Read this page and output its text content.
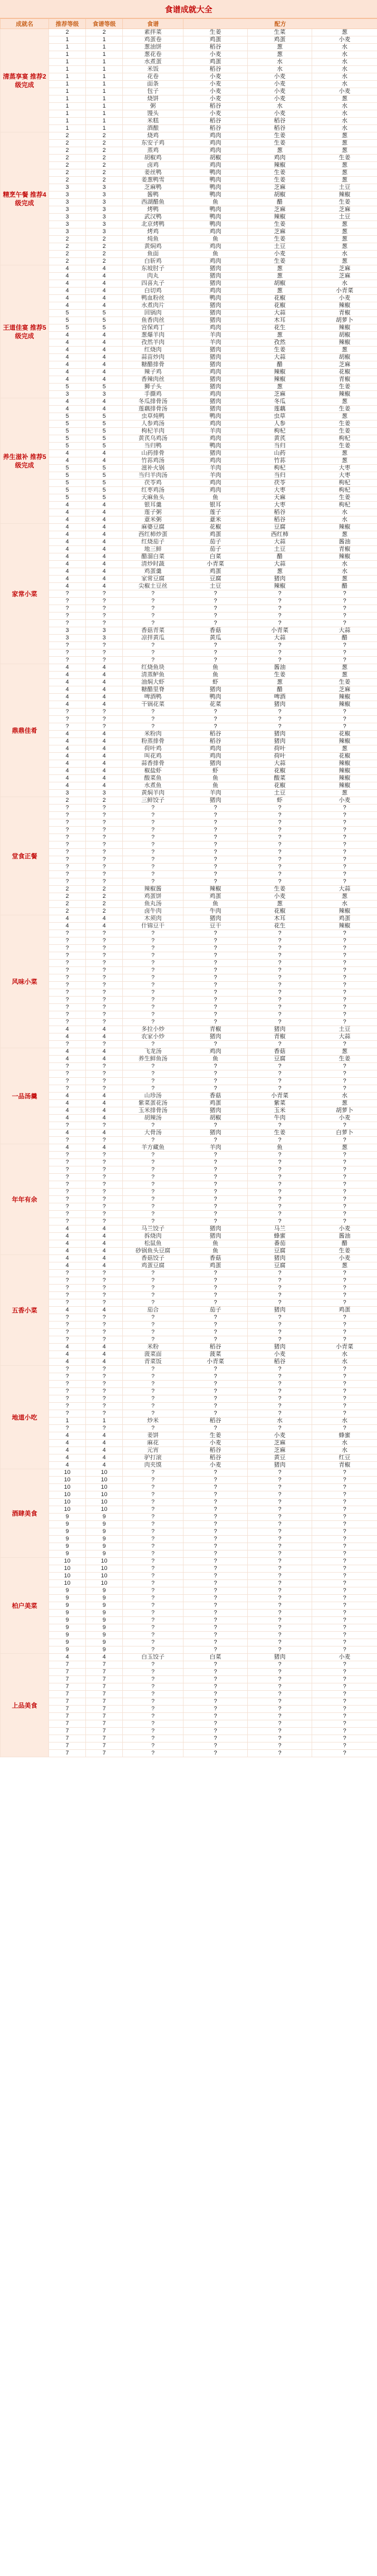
食谱成就大全
成就名	推荐等级	食谱等级	食谱	配方		
清蒸享宴 推荐2级完成	2	2	素拌菜	生姜	生菜	葱
	1	1	鸡蛋卷	鸡蛋	鸡蛋	小麦
	1	1	葱油饼	稻谷	葱	水
	1	1	葱花卷	小麦	葱	水
	1	1	水煮蛋	鸡蛋	水	水
	1	1	米饭	稻谷	水	水
	1	1	花卷	小麦	小麦	水
	1	1	面条	小麦	小麦	水
	1	1	包子	小麦	小麦	小麦
	1	1	烧饼	小麦	小麦	葱
	1	1	粥	稻谷	水	水
	1	1	馒头	小麦	小麦	水
	1	1	米糕	稻谷	稻谷	水
	1	1	酒酿	稻谷	稻谷	水
精烹午餐 推荐4级完成	2	2	烧鸡	鸡肉	生姜	葱
	2	2	东安子鸡	鸡肉	生姜	葱
	2	2	蒸鸡	鸡肉	葱	葱
	2	2	胡椒鸡	胡椒	鸡肉	生姜
	2	2	卤鸡	鸡肉	辣椒	葱
	2	2	姜丝鸭	鸭肉	生姜	葱
	2	2	姜葱鸭雪	鸭肉	生姜	葱
	3	3	芝麻鸭	鸭肉	芝麻	土豆
	3	3	酱鸭	鸭肉	胡椒	辣椒
	3	3	西湖醋鱼	鱼	醋	生姜
	3	3	烤鸭	鸭肉	芝麻	芝麻
	3	3	武汉鸭	鸭肉	辣椒	土豆
	3	3	北京烤鸭	鸭肉	生姜	葱
	3	3	烤鸡	鸡肉	芝麻	葱
	2	2	炖鱼	鱼	生姜	葱
	2	2	黄焖鸡	鸡肉	土豆	葱
	2	2	鱼面	鱼	小麦	水
	2	2	白斩鸡	鸡肉	生姜	葱
王道佳宴 推荐5级完成	4	4	东坡肘子	猪肉	葱	芝麻
	4	4	肉丸	猪肉	葱	芝麻
	4	4	四喜丸子	猪肉	胡椒	水
	4	4	白切鸡	鸡肉	葱	小青菜
	4	4	鸭血粉丝	鸭肉	花椒	小麦
	4	4	水煮肉片	猪肉	花椒	辣椒
	5	5	回锅肉	猪肉	大蒜	青椒
	5	5	鱼香肉丝	猪肉	木耳	胡萝卜
	5	5	宫保鸡丁	鸡肉	花生	辣椒
	4	4	葱爆羊肉	羊肉	葱	胡椒
	4	4	孜然羊肉	羊肉	孜然	辣椒
	4	4	红烧肉	猪肉	生姜	葱
	4	4	蒜苗炒肉	猪肉	大蒜	胡椒
	4	4	糖醋排骨	猪肉	醋	芝麻
	4	4	辣子鸡	鸡肉	辣椒	花椒
	4	4	香辣肉丝	猪肉	辣椒	青椒
	5	5	狮子头	猪肉	葱	生姜
	3	3	手撕鸡	鸡肉	芝麻	辣椒
养生滋补 推荐5级完成	4	4	冬瓜排骨汤	猪肉	冬瓜	葱
	4	4	莲藕排骨汤	猪肉	莲藕	生姜
	5	5	虫草炖鸭	鸭肉	虫草	葱
	5	5	人参鸡汤	鸡肉	人参	生姜
	5	5	枸杞羊肉	羊肉	枸杞	生姜
	5	5	黄芪乌鸡汤	鸡肉	黄芪	枸杞
	5	5	当归鸭	鸭肉	当归	生姜
	4	4	山药排骨	猪肉	山药	葱
	4	4	竹荪鸡汤	鸡肉	竹荪	葱
	5	5	滋补火锅	羊肉	枸杞	大枣
	5	5	当归羊肉汤	羊肉	当归	大枣
	5	5	茯苓鸡	鸡肉	茯苓	枸杞
	5	5	红枣鸡汤	鸡肉	大枣	枸杞
	5	5	天麻鱼头	鱼	天麻	生姜
	4	4	银耳羹	银耳	大枣	枸杞
	4	4	莲子粥	莲子	稻谷	水
	4	4	薏米粥	薏米	稻谷	水
家常小菜	4	4	麻婆豆腐	花椒	豆腐	辣椒
	4	4	西红柿炒蛋	鸡蛋	西红柿	葱
	4	4	红烧茄子	茄子	大蒜	酱油
	4	4	地三鲜	茄子	土豆	青椒
	4	4	醋溜白菜	白菜	醋	辣椒
	4	4	清炒时蔬	小青菜	大蒜	水
	4	4	鸡蛋羹	鸡蛋	葱	水
	4	4	家常豆腐	豆腐	猪肉	葱
	4	4	尖椒土豆丝	土豆	辣椒	醋
	?	?	?	?	?	?
	?	?	?	?	?	?
	?	?	?	?	?	?
	?	?	?	?	?	?
	?	?	?	?	?	?
	3	3	香菇青菜	香菇	小青菜	大蒜
	3	3	凉拌黄瓜	黄瓜	大蒜	醋
	?	?	?	?	?	?
	?	?	?	?	?	?
	?	?	?	?	?	?
鼎鼎佳肴	4	4	红烧鱼块	鱼	酱油	葱
	4	4	清蒸鲈鱼	鱼	生姜	葱
	4	4	油焖大虾	虾	葱	生姜
	4	4	糖醋里脊	猪肉	醋	芝麻
	4	4	啤酒鸭	鸭肉	啤酒	辣椒
	4	4	干锅花菜	花菜	猪肉	辣椒
	?	?	?	?	?	?
	?	?	?	?	?	?
	?	?	?	?	?	?
	4	4	米粉肉	稻谷	猪肉	花椒
	4	4	粉蒸排骨	稻谷	猪肉	辣椒
	4	4	荷叶鸡	鸡肉	荷叶	葱
	4	4	叫花鸡	鸡肉	荷叶	花椒
	4	4	蒜香排骨	猪肉	大蒜	辣椒
	4	4	椒盐虾	虾	花椒	辣椒
	4	4	酸菜鱼	鱼	酸菜	辣椒
	4	4	水煮鱼	鱼	花椒	辣椒
	3	3	黄焖羊肉	羊肉	土豆	葱
堂食正餐	2	2	三鲜饺子	猪肉	虾	小麦
	?	?	?	?	?	?
	?	?	?	?	?	?
	?	?	?	?	?	?
	?	?	?	?	?	?
	?	?	?	?	?	?
	?	?	?	?	?	?
	?	?	?	?	?	?
	?	?	?	?	?	?
	?	?	?	?	?	?
	?	?	?	?	?	?
	?	?	?	?	?	?
	2	2	辣椒酱	辣椒	生姜	大蒜
	2	2	鸡蛋饼	鸡蛋	小麦	葱
	2	2	鱼丸汤	鱼	葱	水
	2	2	卤牛肉	牛肉	花椒	辣椒
风味小菜	4	4	木须肉	猪肉	木耳	鸡蛋
	4	4	什锦豆干	豆干	花生	辣椒
	?	?	?	?	?	?
	?	?	?	?	?	?
	?	?	?	?	?	?
	?	?	?	?	?	?
	?	?	?	?	?	?
	?	?	?	?	?	?
	?	?	?	?	?	?
	?	?	?	?	?	?
	?	?	?	?	?	?
	?	?	?	?	?	?
	?	?	?	?	?	?
	?	?	?	?	?	?
	?	?	?	?	?	?
	4	4	多拉小炒	青椒	猪肉	土豆
	4	4	农家小炒	猪肉	青椒	大蒜
	?	?	?	?	?	?
一品汤羹	4	4	飞龙汤	鸡肉	香菇	葱
	4	4	养生鲜鱼汤	鱼	豆腐	生姜
	?	?	?	?	?	?
	?	?	?	?	?	?
	?	?	?	?	?	?
	?	?	?	?	?	?
	4	4	山珍汤	香菇	小青菜	水
	4	4	紫菜蛋花汤	鸡蛋	紫菜	葱
	4	4	玉米排骨汤	猪肉	玉米	胡萝卜
	4	4	胡辣汤	胡椒	牛肉	小麦
	?	?	?	?	?	?
	4	4	大骨汤	猪肉	生姜	白萝卜
	?	?	?	?	?	?
年年有余	4	4	羊方藏鱼	羊肉	鱼	葱
	?	?	?	?	?	?
	?	?	?	?	?	?
	?	?	?	?	?	?
	?	?	?	?	?	?
	?	?	?	?	?	?
	?	?	?	?	?	?
	?	?	?	?	?	?
	?	?	?	?	?	?
	?	?	?	?	?	?
	?	?	?	?	?	?
	4	4	马兰饺子	猪肉	马兰	小麦
	4	4	拆烧肉	猪肉	蜂蜜	酱油
	4	4	松鼠鱼	鱼	番茄	醋
	4	4	砂锅鱼头豆腐	鱼	豆腐	生姜
五香小菜	4	4	香菇饺子	香菇	猪肉	小麦
	4	4	鸡蛋豆腐	鸡蛋	豆腐	葱
	?	?	?	?	?	?
	?	?	?	?	?	?
	?	?	?	?	?	?
	?	?	?	?	?	?
	?	?	?	?	?	?
	4	4	茄合	茄子	猪肉	鸡蛋
	?	?	?	?	?	?
	?	?	?	?	?	?
	?	?	?	?	?	?
	?	?	?	?	?	?
	4	4	米粉	稻谷	猪肉	小青菜
	4	4	菠菜面	菠菜	小麦	水
	4	4	青菜饭	小青菜	稻谷	水
地道小吃	?	?	?	?	?	?
	?	?	?	?	?	?
	?	?	?	?	?	?
	?	?	?	?	?	?
	?	?	?	?	?	?
	?	?	?	?	?	?
	?	?	?	?	?	?
	1	1	炒米	稻谷	水	水
	?	?	?	?	?	?
	4	4	姜饼	生姜	小麦	蜂蜜
	4	4	麻花	小麦	芝麻	水
	4	4	元宵	稻谷	芝麻	水
	4	4	驴打滚	稻谷	黄豆	红豆
	4	4	肉夹馍	小麦	猪肉	青椒
酒肆美食	10	10	?	?	?	?
	10	10	?	?	?	?
	10	10	?	?	?	?
	10	10	?	?	?	?
	10	10	?	?	?	?
	10	10	?	?	?	?
	9	9	?	?	?	?
	9	9	?	?	?	?
	9	9	?	?	?	?
	9	9	?	?	?	?
	9	9	?	?	?	?
	9	9	?	?	?	?
柏户美菜	10	10	?	?	?	?
	10	10	?	?	?	?
	10	10	?	?	?	?
	10	10	?	?	?	?
	9	9	?	?	?	?
	9	9	?	?	?	?
	9	9	?	?	?	?
	9	9	?	?	?	?
	9	9	?	?	?	?
	9	9	?	?	?	?
	9	9	?	?	?	?
	9	9	?	?	?	?
	9	9	?	?	?	?
上品美食	4	4	白玉饺子	白菜	猪肉	小麦
	7	7	?	?	?	?
	7	7	?	?	?	?
	7	7	?	?	?	?
	7	7	?	?	?	?
	7	7	?	?	?	?
	7	7	?	?	?	?
	7	7	?	?	?	?
	7	7	?	?	?	?
	7	7	?	?	?	?
	7	7	?	?	?	?
	7	7	?	?	?	?
	7	7	?	?	?	?
	7	7	?	?	?	?
